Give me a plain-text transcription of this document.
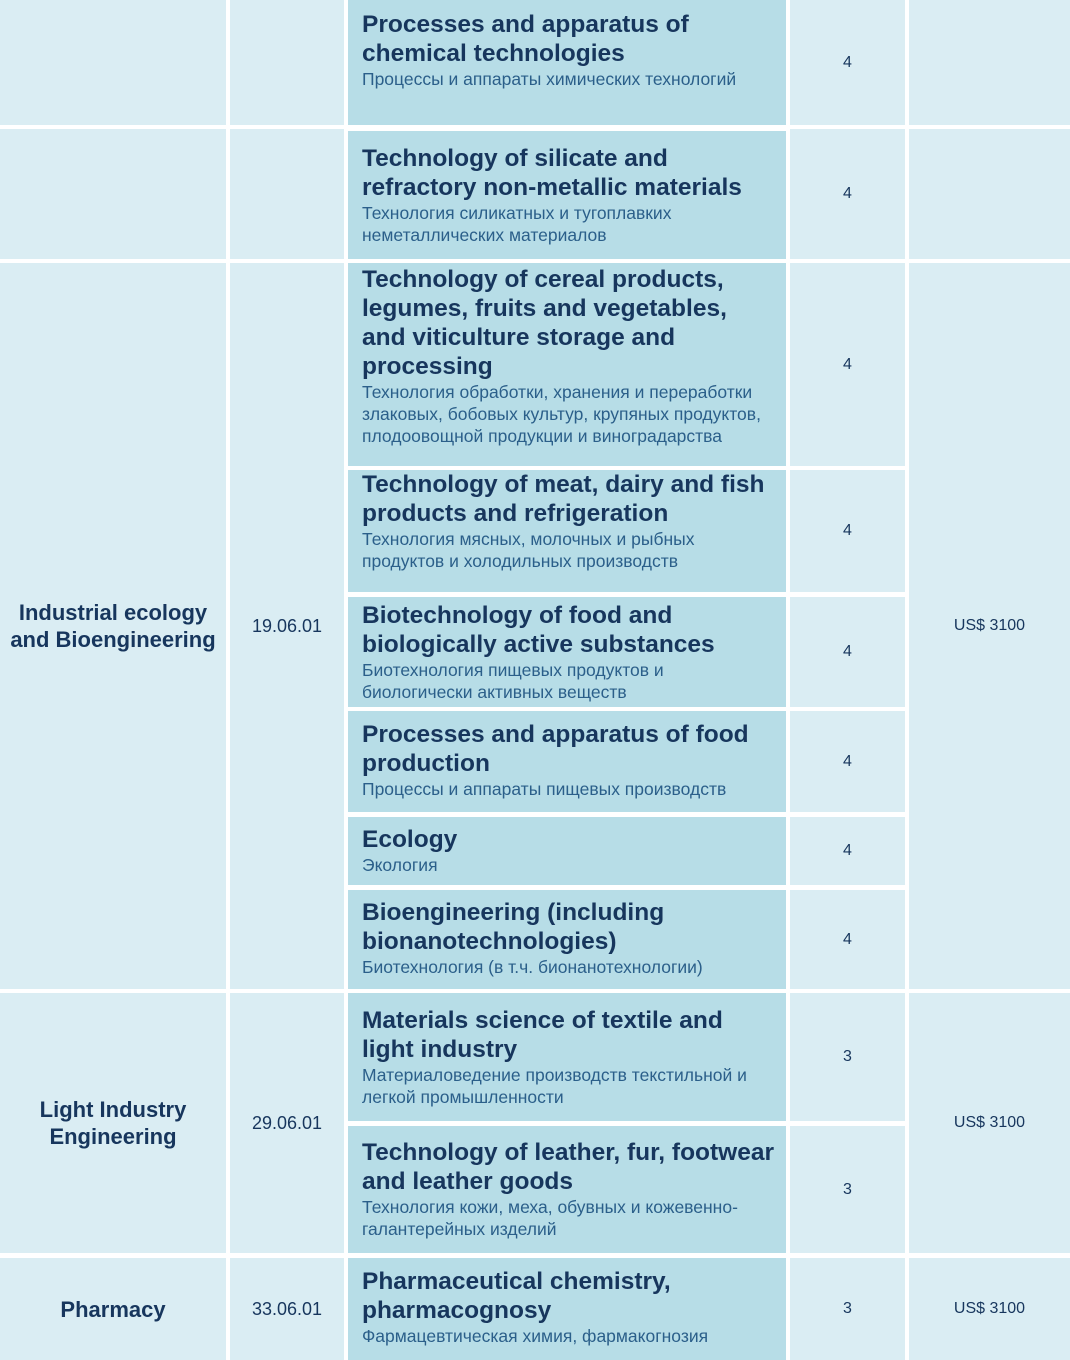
Processes and apparatus of chemical technologies
Процессы и аппараты химических технологий
4
Technology of silicate and refractory non-metallic materials
Технология силикатных и тугоплавких неметаллических материалов
4
Industrial ecology and Bioengineering
19.06.01
Technology of cereal products, legumes, fruits and vegetables, and viticulture storage and processing
Технология обработки, хранения и переработки злаковых, бобовых культур, крупяных продуктов, плодоовощной продукции и виноградарства
4
Technology of meat, dairy and fish products and refrigeration
Технология мясных, молочных и рыбных продуктов и холодильных производств
4
Biotechnology of food and biologically active substances
Биотехнология пищевых продуктов и биологически активных веществ
4
Processes and apparatus of food production
Процессы и аппараты пищевых производств
4
Ecology
Экология
4
Bioengineering (including bionanotechnologies)
Биотехнология (в т.ч. бионанотехнологии)
4
US$ 3100
Light Industry Engineering
29.06.01
Materials science of textile and light industry
Материаловедение производств текстильной и легкой промышленности
3
Technology of leather, fur, footwear and leather goods
Технология кожи, меха, обувных и кожевенно-галантерейных изделий
3
US$ 3100
Pharmacy	33.06.01
Pharmaceutical chemistry, pharmacognosy
Фармацевтическая химия, фармакогнозия
3	US$ 3100
